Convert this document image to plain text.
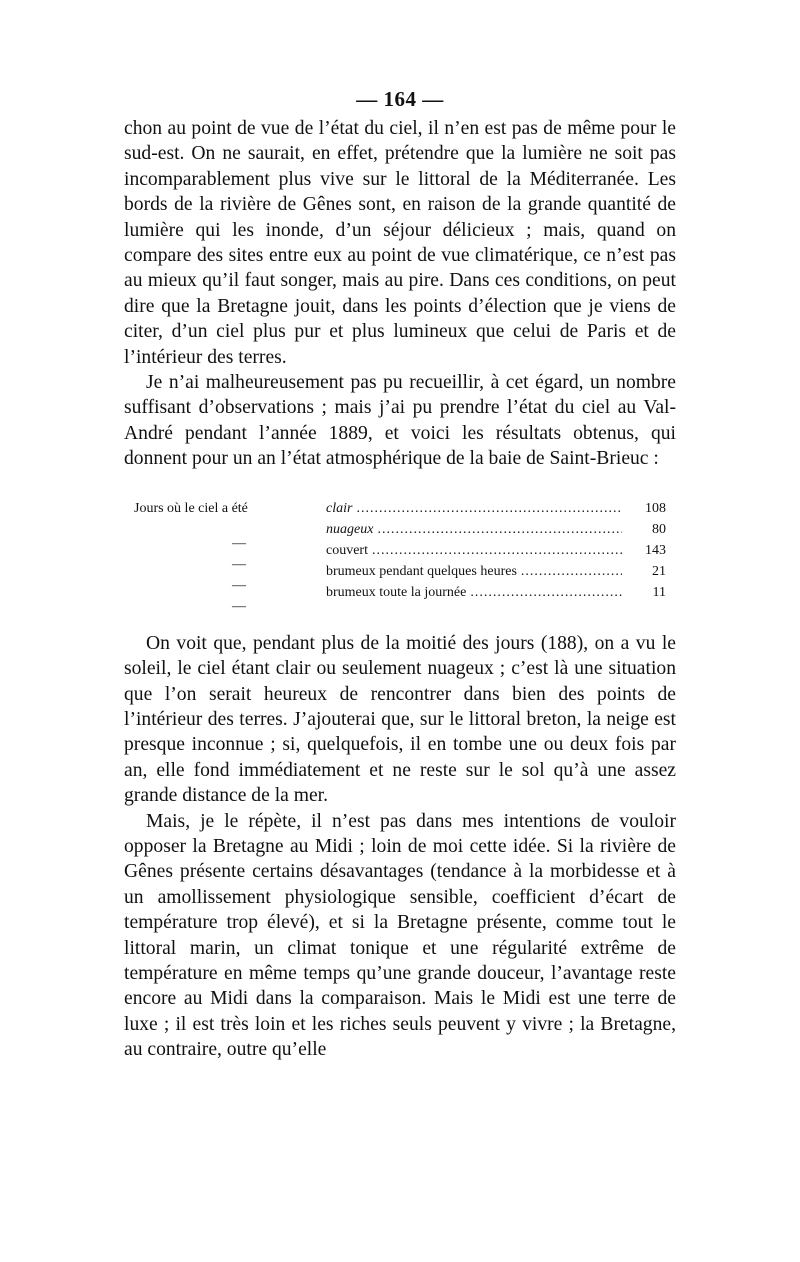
— 164 —

chon au point de vue de l’état du ciel, il n’en est pas de même pour le sud-est. On ne saurait, en effet, prétendre que la lumière ne soit pas incomparablement plus vive sur le littoral de la Méditerranée. Les bords de la rivière de Gênes sont, en raison de la grande quantité de lumière qui les inonde, d’un séjour délicieux ; mais, quand on compare des sites entre eux au point de vue climatérique, ce n’est pas au mieux qu’il faut songer, mais au pire. Dans ces conditions, on peut dire que la Bretagne jouit, dans les points d’élection que je viens de citer, d’un ciel plus pur et plus lumineux que celui de Paris et de l’intérieur des terres.

Je n’ai malheureusement pas pu recueillir, à cet égard, un nombre suffisant d’observations ; mais j’ai pu prendre l’état du ciel au Val-André pendant l’année 1889, et voici les résultats obtenus, qui donnent pour un an l’état atmosphérique de la baie de Saint-Brieuc :

Jours où le ciel a été	clair .....	108
—
nuageux .....	80
—
couvert .....	143
—
brumeux pendant quelques heures .....	21
—
brumeux toute la journée .....	11

On voit que, pendant plus de la moitié des jours (188), on a vu le soleil, le ciel étant clair ou seulement nuageux ; c’est là une situation que l’on serait heureux de rencontrer dans bien des points de l’intérieur des terres. J’ajouterai que, sur le littoral breton, la neige est presque inconnue ; si, quelquefois, il en tombe une ou deux fois par an, elle fond immédiatement et ne reste sur le sol qu’à une assez grande distance de la mer.

Mais, je le répète, il n’est pas dans mes intentions de vouloir opposer la Bretagne au Midi ; loin de moi cette idée. Si la rivière de Gênes présente certains désavantages (tendance à la morbidesse et à un amollissement physiologique sensible, coefficient d’écart de température trop élevé), et si la Bretagne présente, comme tout le littoral marin, un climat tonique et une régularité extrême de température en même temps qu’une grande douceur, l’avantage reste encore au Midi dans la comparaison. Mais le Midi est une terre de luxe ; il est très loin et les riches seuls peuvent y vivre ; la Bretagne, au contraire, outre qu’elle
